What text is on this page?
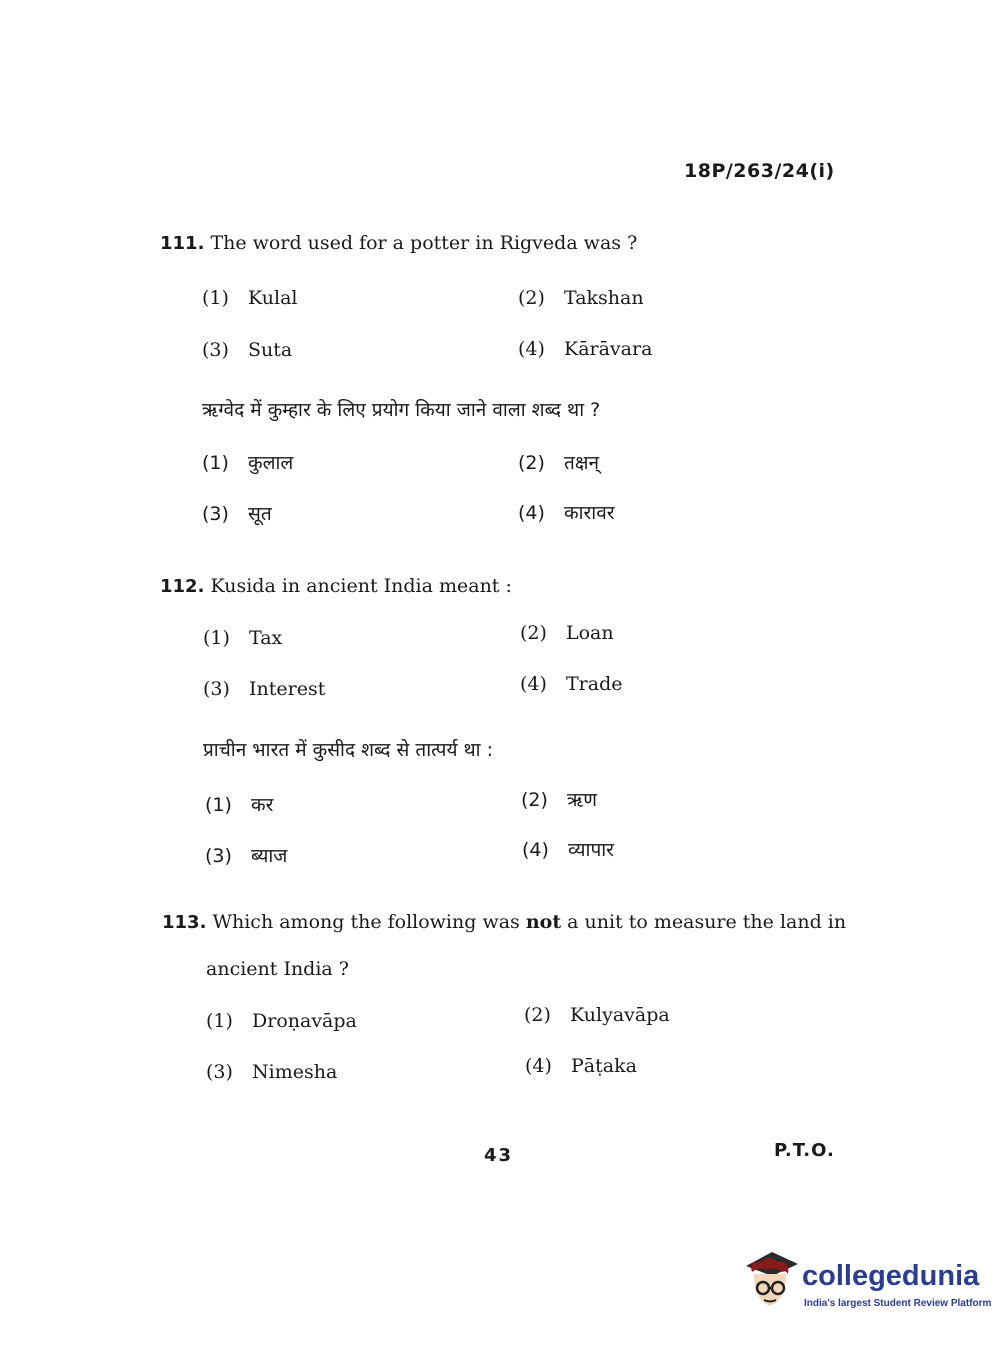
18P/263/24(i)
111. The word used for a potter in Rigveda was ?
(1) Kulal	(2) Takshan
(3) Suta	(4) Kārāvara
ऋग्वेद में कुम्हार के लिए प्रयोग किया जाने वाला शब्द था ?
(1) कुलाल	(2) तक्षन्
(3) सूत	(4) कारावर
112. Kusida in ancient India meant :
(1) Tax	(2) Loan
(3) Interest	(4) Trade
प्राचीन भारत में कुसीद शब्द से तात्पर्य था :
(1) कर	(2) ऋण
(3) ब्याज	(4) व्यापार
113. Which among the following was not a unit to measure the land in
ancient India ?
(1) Droṇavāpa	(2) Kulyavāpa
(3) Nimesha	(4) Pāṭaka
43	P.T.O.
collegedunia
India's largest Student Review Platform
